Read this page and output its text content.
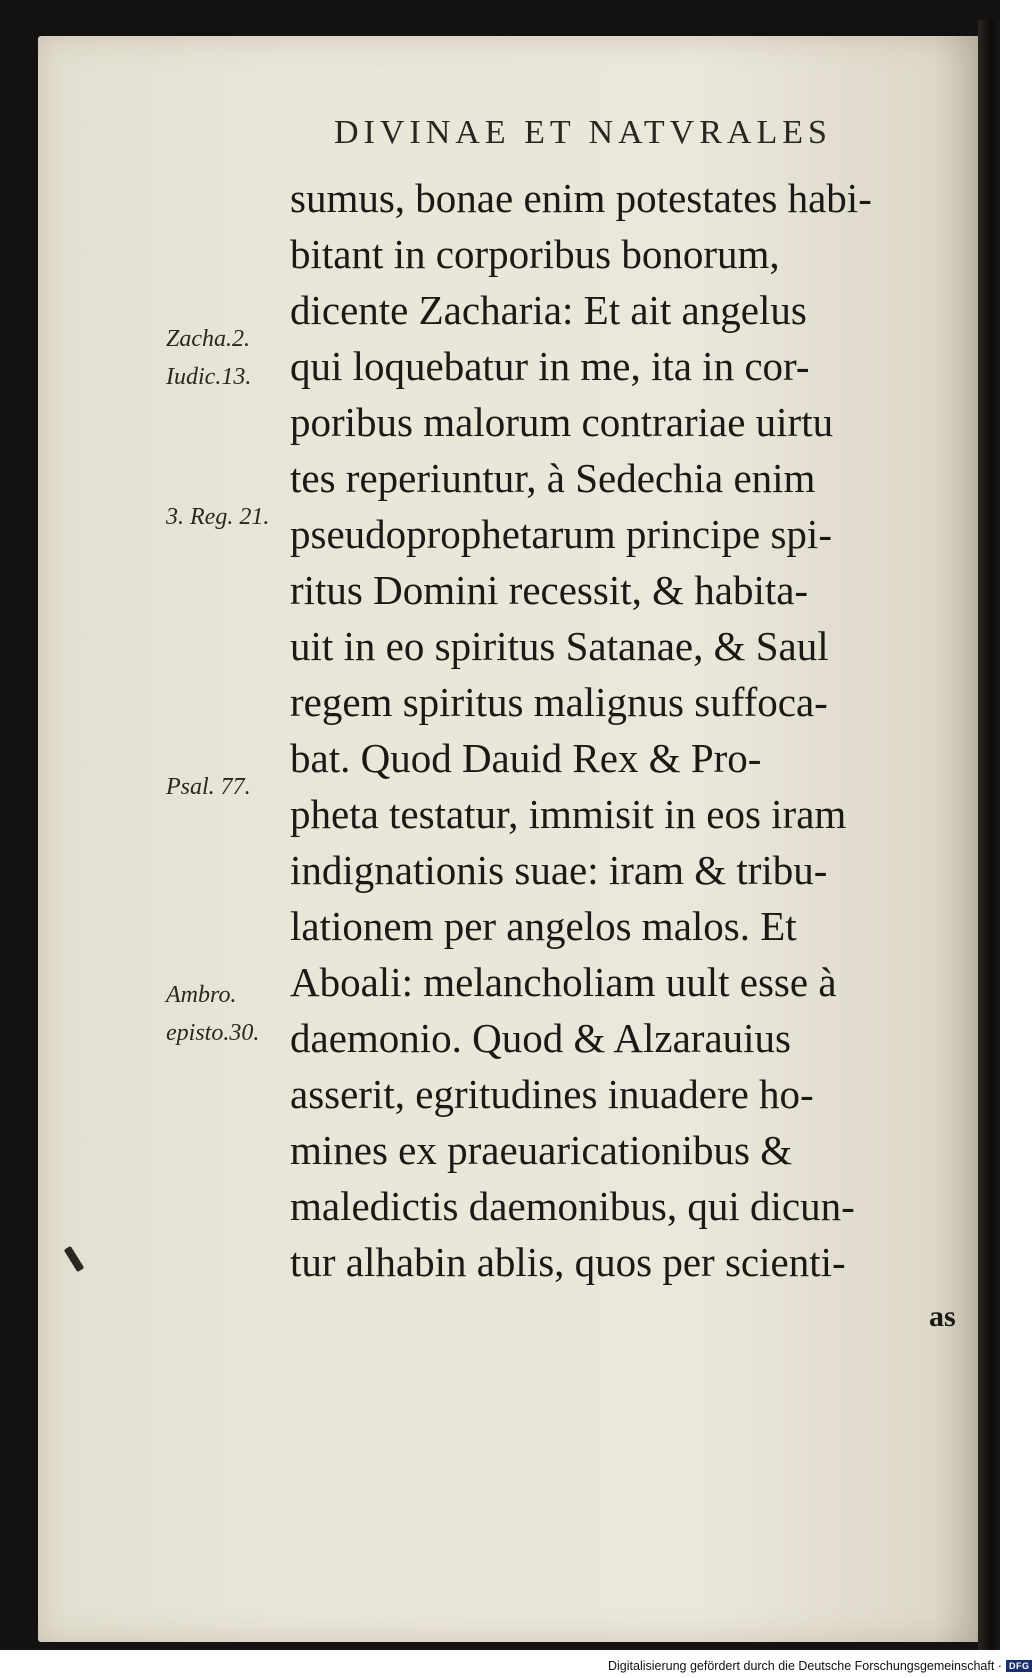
DIVINAE ET NATVRALES
sumus, bonae enim potestates habi-
bitant in corporibus bonorum,
dicente Zacharia: Et ait angelus
qui loquebatur in me, ita in cor-
poribus malorum contrariae uirtu
tes reperiuntur, à Sedechia enim
pseudoprophetarum principe spi-
ritus Domini recessit, & habita-
uit in eo spiritus Satanae, & Saul
regem spiritus malignus suffoca-
bat. Quod Dauid Rex & Pro-
pheta testatur, immisit in eos iram
indignationis suae: iram & tribu-
lationem per angelos malos. Et
Aboali: melancholiam uult esse à
daemonio. Quod & Alzarauius
asserit, egritudines inuadere ho-
mines ex praeuaricationibus &
maledictis daemonibus, qui dicun-
tur alhabin ablis, quos per scienti-
as
Zacha.2.
Iudic.13.
3. Reg. 21.
Psal. 77.
Ambro.
epistο.30.
Digitalisierung gefördert durch die Deutsche Forschungsgemeinschaft · DFG
